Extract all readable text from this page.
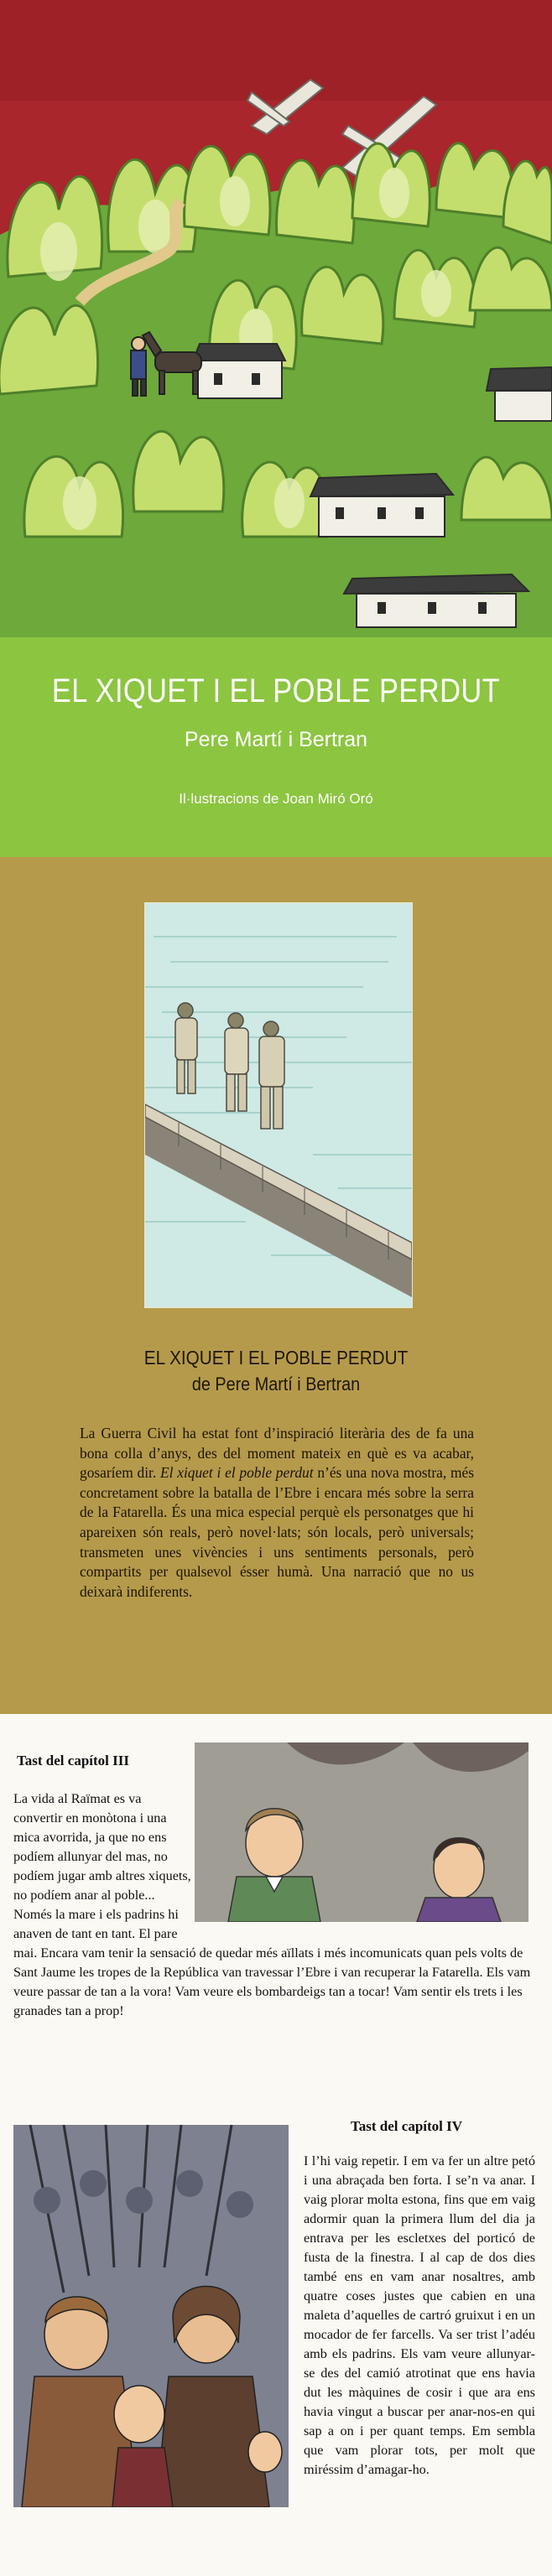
EL XIQUET I EL POBLE PERDUT
Pere Martí i Bertran
Il·lustracions de Joan Miró Oró
EL XIQUET I EL POBLE PERDUT
de Pere Martí i Bertran

La Guerra Civil ha estat font d’inspiració literària des de fa una bona colla d’anys, des del moment mateix en què es va acabar, gosaríem dir. El xiquet i el poble perdut n’és una nova mostra, més concretament sobre la batalla de l’Ebre i encara més sobre la serra de la Fatarella. És una mica especial perquè els personatges que hi apareixen són reals, però novel·lats; són locals, però universals; transmeten unes vivències i uns sentiments personals, però compartits per qualsevol ésser humà. Una narració que no us deixarà indiferents.

Tast del capítol III

La vida al Raïmat es va convertir en monòtona i una mica avorrida, ja que no ens podíem allunyar del mas, no podíem jugar amb altres xiquets, no podíem anar al poble... Només la mare i els padrins hi anaven de tant en tant. El pare mai. Encara vam tenir la sensació de quedar més aïllats i més incomunicats quan pels volts de Sant Jaume les tropes de la República van travessar l’Ebre i van recuperar la Fatarella. Els vam veure passar de tan a la vora! Vam veure els bombardeigs tan a tocar! Vam sentir els trets i les granades tan a prop!

Tast del capítol IV

I l’hi vaig repetir. I em va fer un altre petó i una abraçada ben forta. I se’n va anar. I vaig plorar molta estona, fins que em vaig adormir quan la primera llum del dia ja entrava per les escletxes del porticó de fusta de la finestra. I al cap de dos dies també ens en vam anar nosaltres, amb quatre coses justes que cabien en una maleta d’aquelles de cartró gruixut i en un mocador de fer farcells. Va ser trist l’adéu amb els padrins. Els vam veure allunyar-se des del camió atrotinat que ens havia dut les màquines de cosir i que ara ens havia vingut a buscar per anar-nos-en qui sap a on i per quant temps. Em sembla que vam plorar tots, per molt que miréssim d’amagar-ho.
